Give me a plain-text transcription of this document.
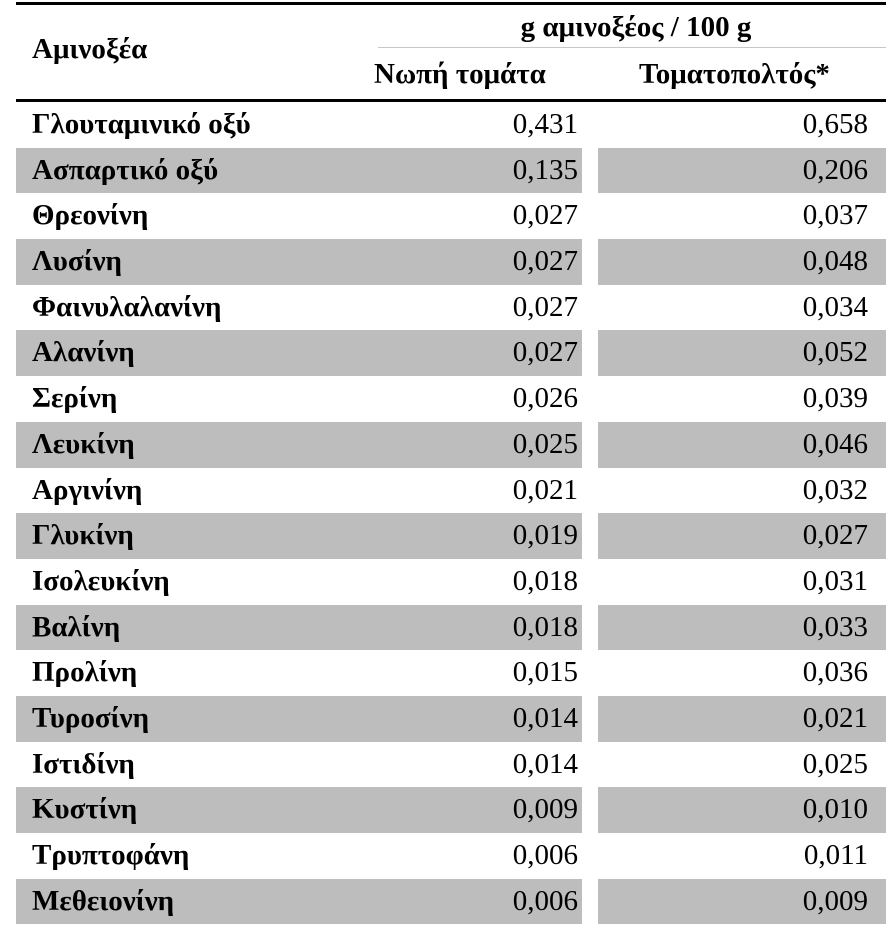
Αμινοξέα
g αμινοξέος / 100 g
Νωπή τομάτα	Τοματοπολτός*
Γλουταμινικό οξύ	0,431	0,658
Ασπαρτικό οξύ	0,135	0,206
Θρεονίνη	0,027	0,037
Λυσίνη	0,027	0,048
Φαινυλαλανίνη	0,027	0,034
Αλανίνη	0,027	0,052
Σερίνη	0,026	0,039
Λευκίνη	0,025	0,046
Αργινίνη	0,021	0,032
Γλυκίνη	0,019	0,027
Ισολευκίνη	0,018	0,031
Βαλίνη	0,018	0,033
Προλίνη	0,015	0,036
Τυροσίνη	0,014	0,021
Ιστιδίνη	0,014	0,025
Κυστίνη	0,009	0,010
Τρυπτοφάνη	0,006	0,011
Μεθειονίνη	0,006	0,009
